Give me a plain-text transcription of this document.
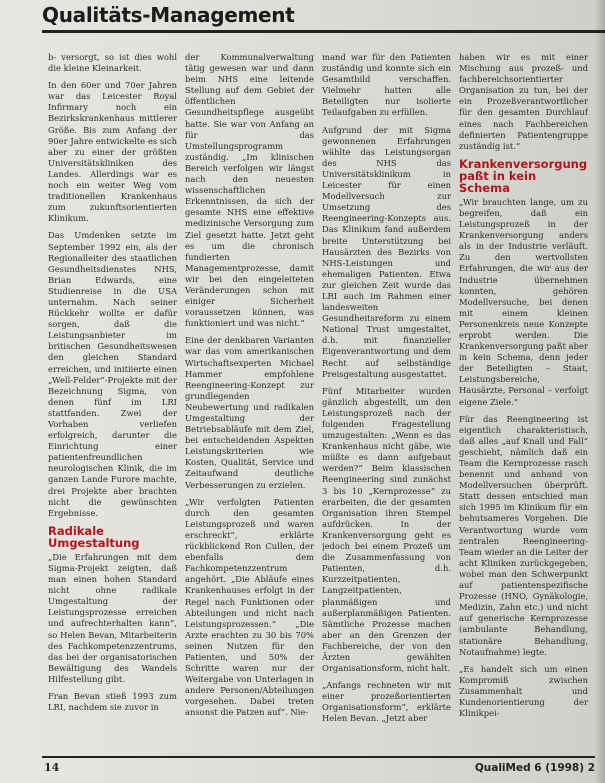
Qualitäts-Management

b- versorgt, so ist dies wohl die kleine Kleinarkeit.

In den 60er und 70er Jahren war das Leicester Royal Infirmary noch ein Bezirkskrankenhaus mittlerer Größe. Bis zum Anfang der 90er Jahre entwickelte es sich aber zu einer der größten Universitätskliniken des Landes. Allerdings war es noch ein weiter Weg vom traditionellen Krankenhaus zum zukunftsorientierten Klinikum.

Das Umdenken setzte im September 1992 ein, als der Regionalleiter des staatlichen Gesundheitsdienstes NHS, Brian Edwards, eine Studienreise in die USA unternahm. Nach seiner Rückkehr wollte er dafür sorgen, daß die Leistungsanbieter im britischen Gesundheitswesen den gleichen Standard erreichen, und initiierte einen „Well-Felder“-Projekte mit der Bezeichnung Sigma, von denen fünf im LRI stattfanden. Zwei der Vorhaben verliefen erfolgreich, darunter die Einrichtung einer patientenfreundlichen neurologischen Klinik, die im ganzen Lande Furore machte, drei Projekte aber brachten nicht die gewünschten Ergebnisse.

Radikale Umgestaltung

„Die Erfahrungen mit dem Sigma-Projekt zeigten, daß man einen hohen Standard nicht ohne radikale Umgestaltung der Leistungsprozesse erreichen und aufrechterhalten kann“, so Helen Bevan, Mitarbeiterin des Fachkompetenzzentrums, das bei der organisatorischen Bewältigung des Wandels Hilfestellung gibt.

Fran Bevan stieß 1993 zum LRI, nachdem sie zuvor in

der Kommunalverwaltung tätig gewesen war und dann beim NHS eine leitende Stellung auf dem Gebiet der öffentlichen Gesundheitspflege ausgeübt hatte. Sie war von Anfang an für das Umstellungsprogramm zuständig. „Im klinischen Bereich verfolgen wir längst nach den neuesten wissenschaftlichen Erkenntnissen, da sich der gesamte NHS eine effektive medizinische Versorgung zum Ziel gesetzt hatte. Jetzt geht es um die chronisch fundierten Managementprozesse, damit wir bei den eingeleiteten Veränderungen schon mit einiger Sicherheit voraussetzen können, was funktioniert und was nicht.“

Eine der denkbaren Varianten war das vom amerikanischen Wirtschaftsexperten Michael Hammer empfohlene Reengineering-Konzept zur grundlegenden Neubewertung und radikalen Umgestaltung der Betriebsabläufe mit dem Ziel, bei entscheidenden Aspekten Leistungskriterien wie Kosten, Qualität, Service und Zeitaufwand deutliche Verbesserungen zu erzielen.

„Wir verfolgten Patienten durch den gesamten Leistungsprozeß und waren erschreckt“, erklärte rückblickend Ron Cullen, der ebenfalls dem Fachkompetenzzentrum angehört. „Die Abläufe eines Krankenhauses erfolgt in der Regel nach Funktionen oder Abteilungen und nicht nach Leistungsprozessen.“ „Die Arzte erachten zu 30 bis 70% seinen Nutzen für den Patienten, und 50% der Schritte waren nur der Weitergabe von Unterlagen in andere Personen/Abteilungen vorgesehen. Dabei treten ansonst die Patzen auf“. Nie-

mand war für den Patienten zuständig und konnte sich ein Gesamtbild verschaffen. Vielmehr hatten alle Beteiligten nur isolierte Teilaufgaben zu erfüllen.

Aufgrund der mit Sigma gewonnenen Erfahrungen wählte das Leistungsorgan des NHS das Universitätsklinikum in Leicester für einen Modellversuch zur Umsetzung des Reengineering-Konzepts aus. Das Klinikum fand außerdem breite Unterstützung bei Hausärzten des Bezirks von NHS-Leistungen und ehemaligen Patienten. Etwa zur gleichen Zeit wurde das LRI auch im Rahmen einer landesweiten Gesundheitsreform zu einem National Trust umgestaltet, d.h. mit finanzieller Eigenverantwortung und dem Recht auf selbständige Preisgestaltung ausgestattet.

Fünf Mitarbeiter wurden gänzlich abgestellt, um den Leistungsprozeß nach der folgenden Fragestellung umzugestalten: „Wenn es das Krankenhaus nicht gäbe, wie müßte es dann aufgebaut werden?“ Beim klassischen Reengineering sind zunächst 3 bis 10 „Kernprozesse“ zu erarbeiten, die der gesamten Organisation ihren Stempel aufdrücken. In der Krankenversorgung geht es jedoch bei einem Prozeß um die Zusammenfassung von Patienten, d.h. Kurzzeitpatienten, Langzeitpatienten, planmäßigen und außerplanmäßigen Patienten. Sämtliche Prozesse machen aber an den Grenzen der Fachbereiche, der von den Ärzten gewählten Organisationsform, nicht halt.

„Anfangs rechneten wir mit einer prozeßorientierten Organisationsform“, erklärte Helen Bevan. „Jetzt aber

haben wir es mit einer Mischung aus prozeß- und fachbereichsorientierter Organisation zu tun, bei der ein Prozeßverantwortlicher für den gesamten Durchlauf eines nach Fachbereichen definierten Patientengruppe zuständig ist.“

Krankenversorgung paßt in kein Schema

„Wir brauchten lange, um zu begreifen, daß ein Leistungsprozeß in der Krankenversorgung anders als in der Industrie verläuft. Zu den wertvollsten Erfahrungen, die wir aus der Industrie übernehmen konnten, gehören Modellversuche, bei denen mit einem kleinen Personenkreis neue Konzepte erprobt werden. Die Krankenversorgung paßt aber in kein Schema, denn jeder der Beteiligten – Staat, Leistungsbereiche, Hausärzte, Personal – verfolgt eigene Ziele.“

Für das Reengineering ist eigentlich charakteristisch, daß alles „auf Knall und Fall“ geschieht, nämlich daß ein Team die Kernprozesse rasch benennt und anhand von Modellversuchen überprüft. Statt dessen entschied man sich 1995 im Klinikum für ein behutsameres Vorgehen. Die Verantwortung wurde vom zentralen Reengineering-Team wieder an die Leiter der acht Kliniken zurückgegeben, wobei man den Schwerpunkt auf patientenspezifische Prozesse (HNO, Gynäkologie, Medizin, Zahn etc.) und nicht auf generische Kernprozesse (ambulante Behandlung, stationäre Behandlung, Notaufnahme) legte.

„Es handelt sich um einen Kompromiß zwischen Zusammenhalt und Kundenorientierung der Klinikpei-

14	QualiMed 6 (1998) 2
